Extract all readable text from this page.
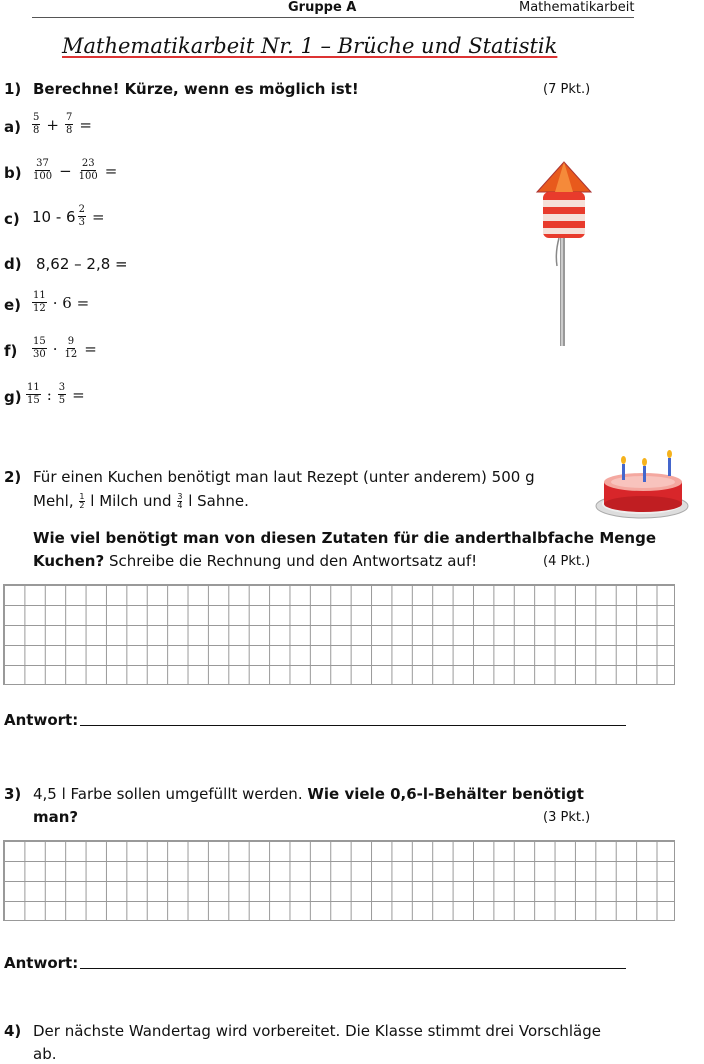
Gruppe A	Mathematikarbeit
Mathematikarbeit Nr. 1 – Brüche und Statistik
1) Berechne! Kürze, wenn es möglich ist!	(7 Pkt.)
$a) \frac{5}{8} + \frac{7}{8}$ =
$b) \frac{37}{100} - \frac{23}{100}$ =
c) $10 - 6 \frac{2}{3}$ =
d) 8,62 – 2,8 =
$e) \frac{11}{12} \cdot 6$ =
$f) \frac{15}{30} \cdot \frac{9}{12}$ =
$g) \frac{11}{15}$ : $\frac{3}{5}$ =
2) Für einen Kuchen benötigt man laut Rezept (unter anderem) 500 g
Mehl, $\frac{1}{2}$ l Milch und $\frac{3}{4}$ l Sahne.
Wie viel benötigt man von diesen Zutaten für die anderthalbfache Menge
Kuchen? Schreibe die Rechnung und den Antwortsatz auf!	(4 Pkt.)
Antwort:
3) 4,5 l Farbe sollen umgefüllt werden. Wie viele 0,6-l-Behälter benötigt
man?	(3 Pkt.)
Antwort:
4) Der nächste Wandertag wird vorbereitet. Die Klasse stimmt drei Vorschläge
ab.
